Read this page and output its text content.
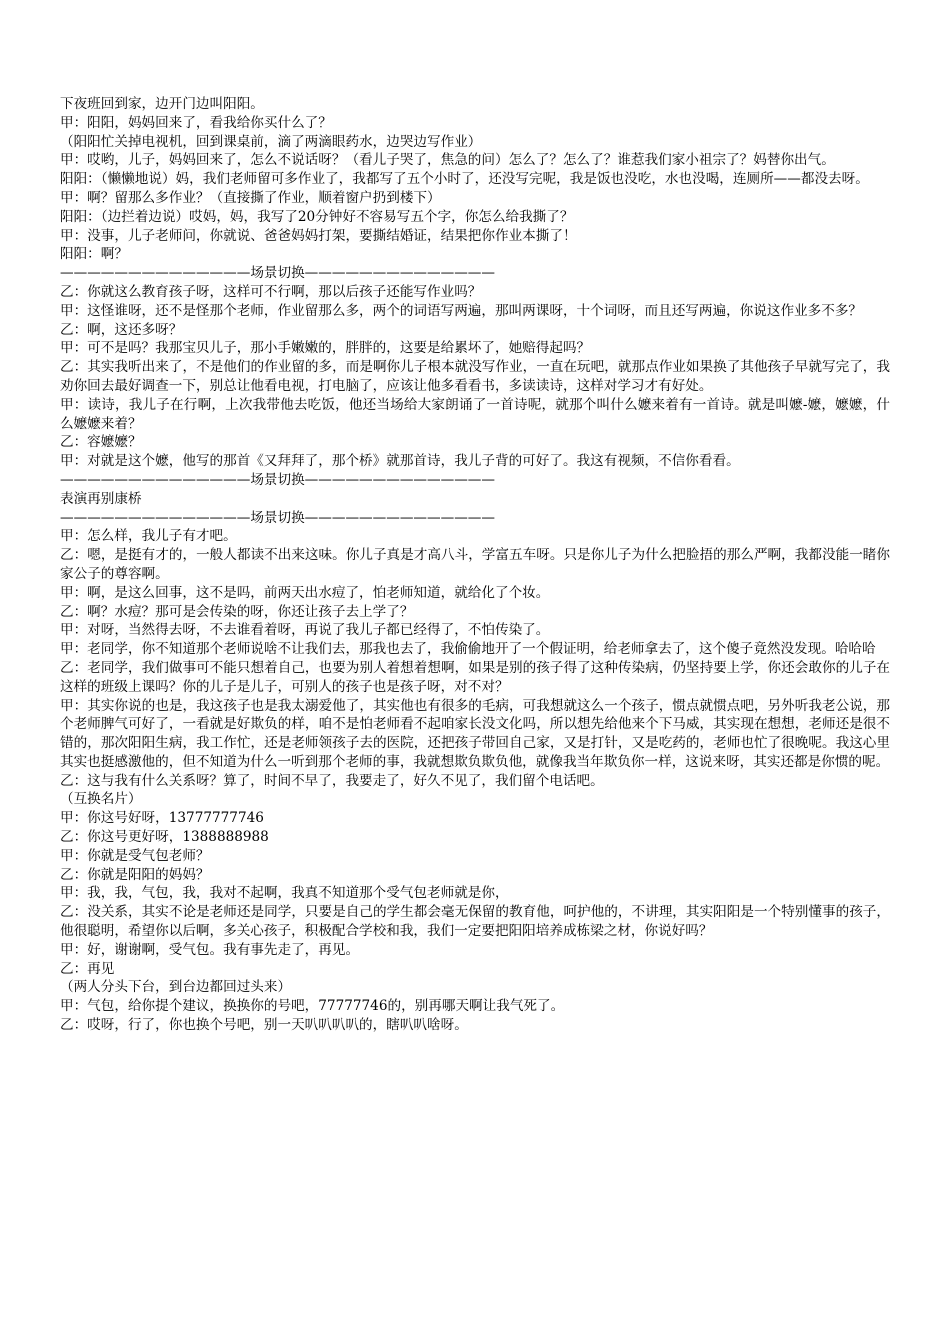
下夜班回到家，边开门边叫阳阳。

甲：阳阳，妈妈回来了，看我给你买什么了？

（阳阳忙关掉电视机，回到课桌前，滴了两滴眼药水，边哭边写作业）

甲：哎哟，儿子，妈妈回来了，怎么不说话呀？（看儿子哭了，焦急的问）怎么了？怎么了？谁惹我们家小祖宗了？妈替你出气。

阳阳：（懒懒地说）妈，我们老师留可多作业了，我都写了五个小时了，还没写完呢，我是饭也没吃，水也没喝，连厕所——都没去呀。

甲：啊？留那么多作业？（直接撕了作业，顺着窗户扔到楼下）

阳阳：（边拦着边说）哎妈，妈，我写了20分钟好不容易写五个字，你怎么给我撕了？

甲：没事，儿子老师问，你就说、爸爸妈妈打架，要撕结婚证，结果把你作业本撕了！

阳阳：啊？

——————————————场景切换——————————————

乙：你就这么教育孩子呀，这样可不行啊，那以后孩子还能写作业吗？

甲：这怪谁呀，还不是怪那个老师，作业留那么多，两个的词语写两遍，那叫两课呀，十个词呀，而且还写两遍，你说这作业多不多？

乙：啊，这还多呀？

甲：可不是吗？我那宝贝儿子，那小手嫩嫩的，胖胖的，这要是给累坏了，她赔得起吗？

乙：其实我听出来了，不是他们的作业留的多，而是啊你儿子根本就没写作业，一直在玩吧，就那点作业如果换了其他孩子早就写完了，我劝你回去最好调查一下，别总让他看电视，打电脑了，应该让他多看看书，多读读诗，这样对学习才有好处。

甲：读诗，我儿子在行啊，上次我带他去吃饭，他还当场给大家朗诵了一首诗呢，就那个叫什么嬷来着有一首诗。就是叫嬷-嬷，嬷嬷，什么嬷嬷来着？

乙：容嬷嬷？

甲：对就是这个嬷，他写的那首《又拜拜了，那个桥》就那首诗，我儿子背的可好了。我这有视频，不信你看看。

——————————————场景切换——————————————

表演再别康桥

——————————————场景切换——————————————

甲：怎么样，我儿子有才吧。

乙：嗯，是挺有才的，一般人都读不出来这味。你儿子真是才高八斗，学富五车呀。只是你儿子为什么把脸捂的那么严啊，我都没能一睹你家公子的尊容啊。

甲：啊，是这么回事，这不是吗，前两天出水痘了，怕老师知道，就给化了个妆。

乙：啊？水痘？那可是会传染的呀，你还让孩子去上学了？

甲：对呀，当然得去呀，不去谁看着呀，再说了我儿子都已经得了，不怕传染了。

甲：老同学，你不知道那个老师说啥不让我们去，那我也去了，我偷偷地开了一个假证明，给老师拿去了，这个傻子竟然没发现。哈哈哈

乙：老同学，我们做事可不能只想着自己，也要为别人着想着想啊，如果是别的孩子得了这种传染病，仍坚持要上学，你还会敢你的儿子在这样的班级上课吗？你的儿子是儿子，可别人的孩子也是孩子呀，对不对？

甲：其实你说的也是，我这孩子也是我太溺爱他了，其实他也有很多的毛病，可我想就这么一个孩子，惯点就惯点吧，另外听我老公说，那个老师脾气可好了，一看就是好欺负的样，咱不是怕老师看不起咱家长没文化吗，所以想先给他来个下马威，其实现在想想，老师还是很不错的，那次阳阳生病，我工作忙，还是老师领孩子去的医院，还把孩子带回自己家，又是打针，又是吃药的，老师也忙了很晚呢。我这心里其实也挺感激他的，但不知道为什么一听到那个老师的事，我就想欺负欺负他，就像我当年欺负你一样，这说来呀，其实还都是你惯的呢。

乙：这与我有什么关系呀？算了，时间不早了，我要走了，好久不见了，我们留个电话吧。

（互换名片）

甲：你这号好呀，13777777746

乙：你这号更好呀，1388888988

甲：你就是受气包老师？

乙：你就是阳阳的妈妈？

甲：我，我，气包，我，我对不起啊，我真不知道那个受气包老师就是你，

乙：没关系，其实不论是老师还是同学，只要是自己的学生都会毫无保留的教育他，呵护他的，不讲理，其实阳阳是一个特别懂事的孩子，他很聪明，希望你以后啊，多关心孩子，积极配合学校和我，我们一定要把阳阳培养成栋梁之材，你说好吗？

甲：好，谢谢啊，受气包。我有事先走了，再见。

乙：再见

（两人分头下台，到台边都回过头来）

甲：气包，给你提个建议，换换你的号吧，77777746的，别再哪天啊让我气死了。

乙：哎呀，行了，你也换个号吧，别一天叭叭叭叭的，瞎叭叭啥呀。
